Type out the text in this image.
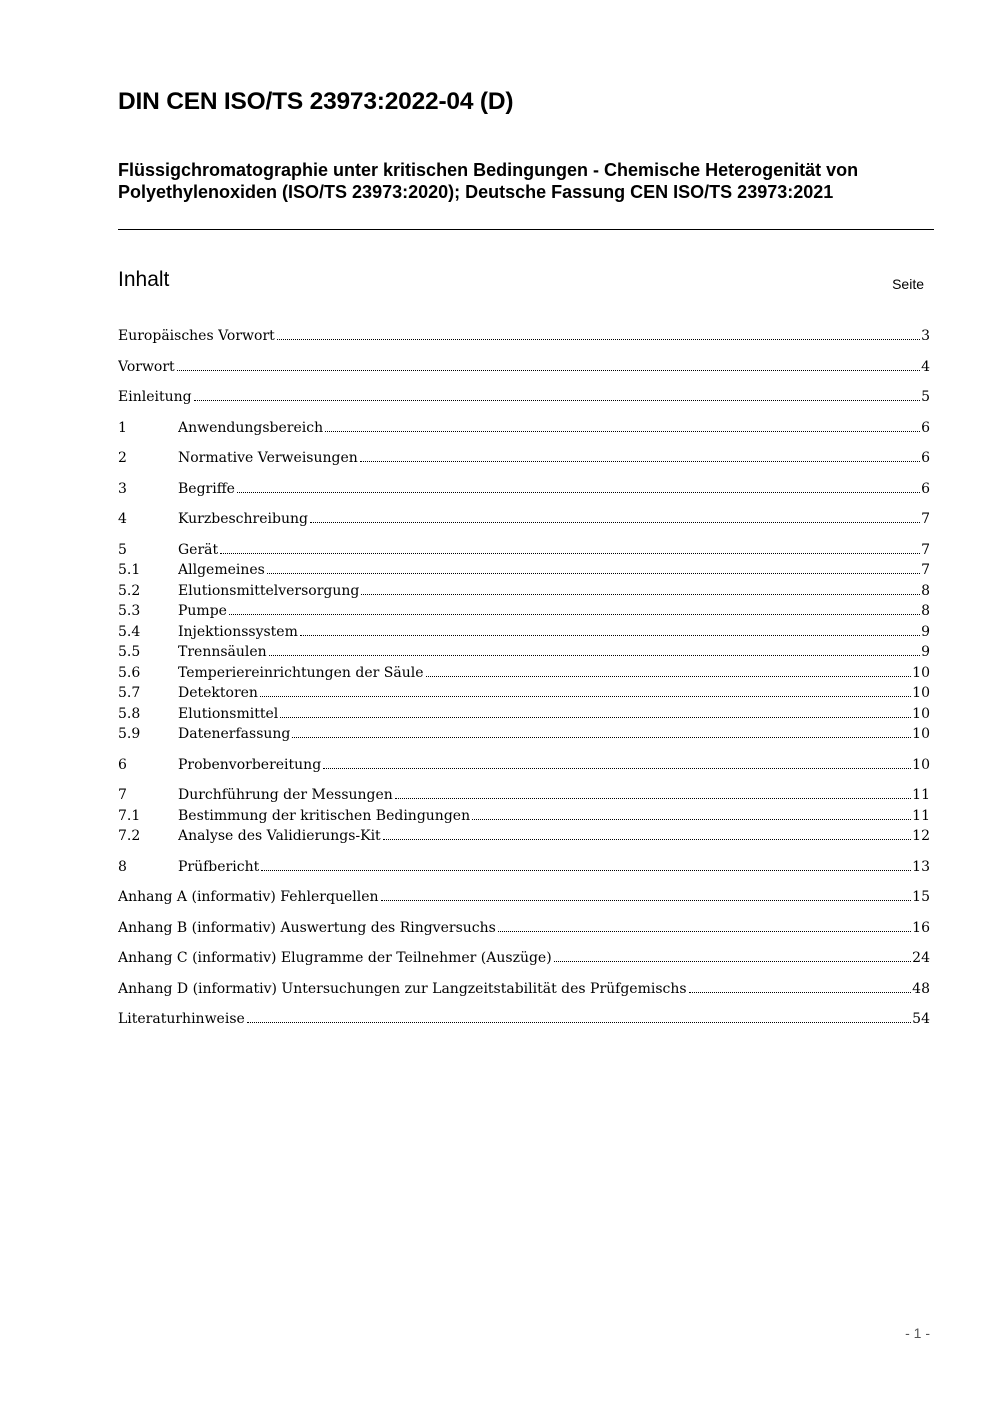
DIN CEN ISO/TS 23973:2022-04 (D)
Flüssigchromatographie unter kritischen Bedingungen - Chemische Heterogenität von Polyethylenoxiden (ISO/TS 23973:2020); Deutsche Fassung CEN ISO/TS 23973:2021
Inhalt	Seite
Europäisches Vorwort	3
Vorwort	4
Einleitung	5
1	Anwendungsbereich	6
2	Normative Verweisungen	6
3	Begriffe	6
4	Kurzbeschreibung	7
5	Gerät	7
5.1	Allgemeines	7
5.2	Elutionsmittelversorgung	8
5.3	Pumpe	8
5.4	Injektionssystem	9
5.5	Trennsäulen	9
5.6	Temperiereinrichtungen der Säule	10
5.7	Detektoren	10
5.8	Elutionsmittel	10
5.9	Datenerfassung	10
6	Probenvorbereitung	10
7	Durchführung der Messungen	11
7.1	Bestimmung der kritischen Bedingungen	11
7.2	Analyse des Validierungs-Kit	12
8	Prüfbericht	13
Anhang A (informativ) Fehlerquellen	15
Anhang B (informativ) Auswertung des Ringversuchs	16
Anhang C (informativ) Elugramme der Teilnehmer (Auszüge)	24
Anhang D (informativ) Untersuchungen zur Langzeitstabilität des Prüfgemischs	48
Literaturhinweise	54
- 1 -
